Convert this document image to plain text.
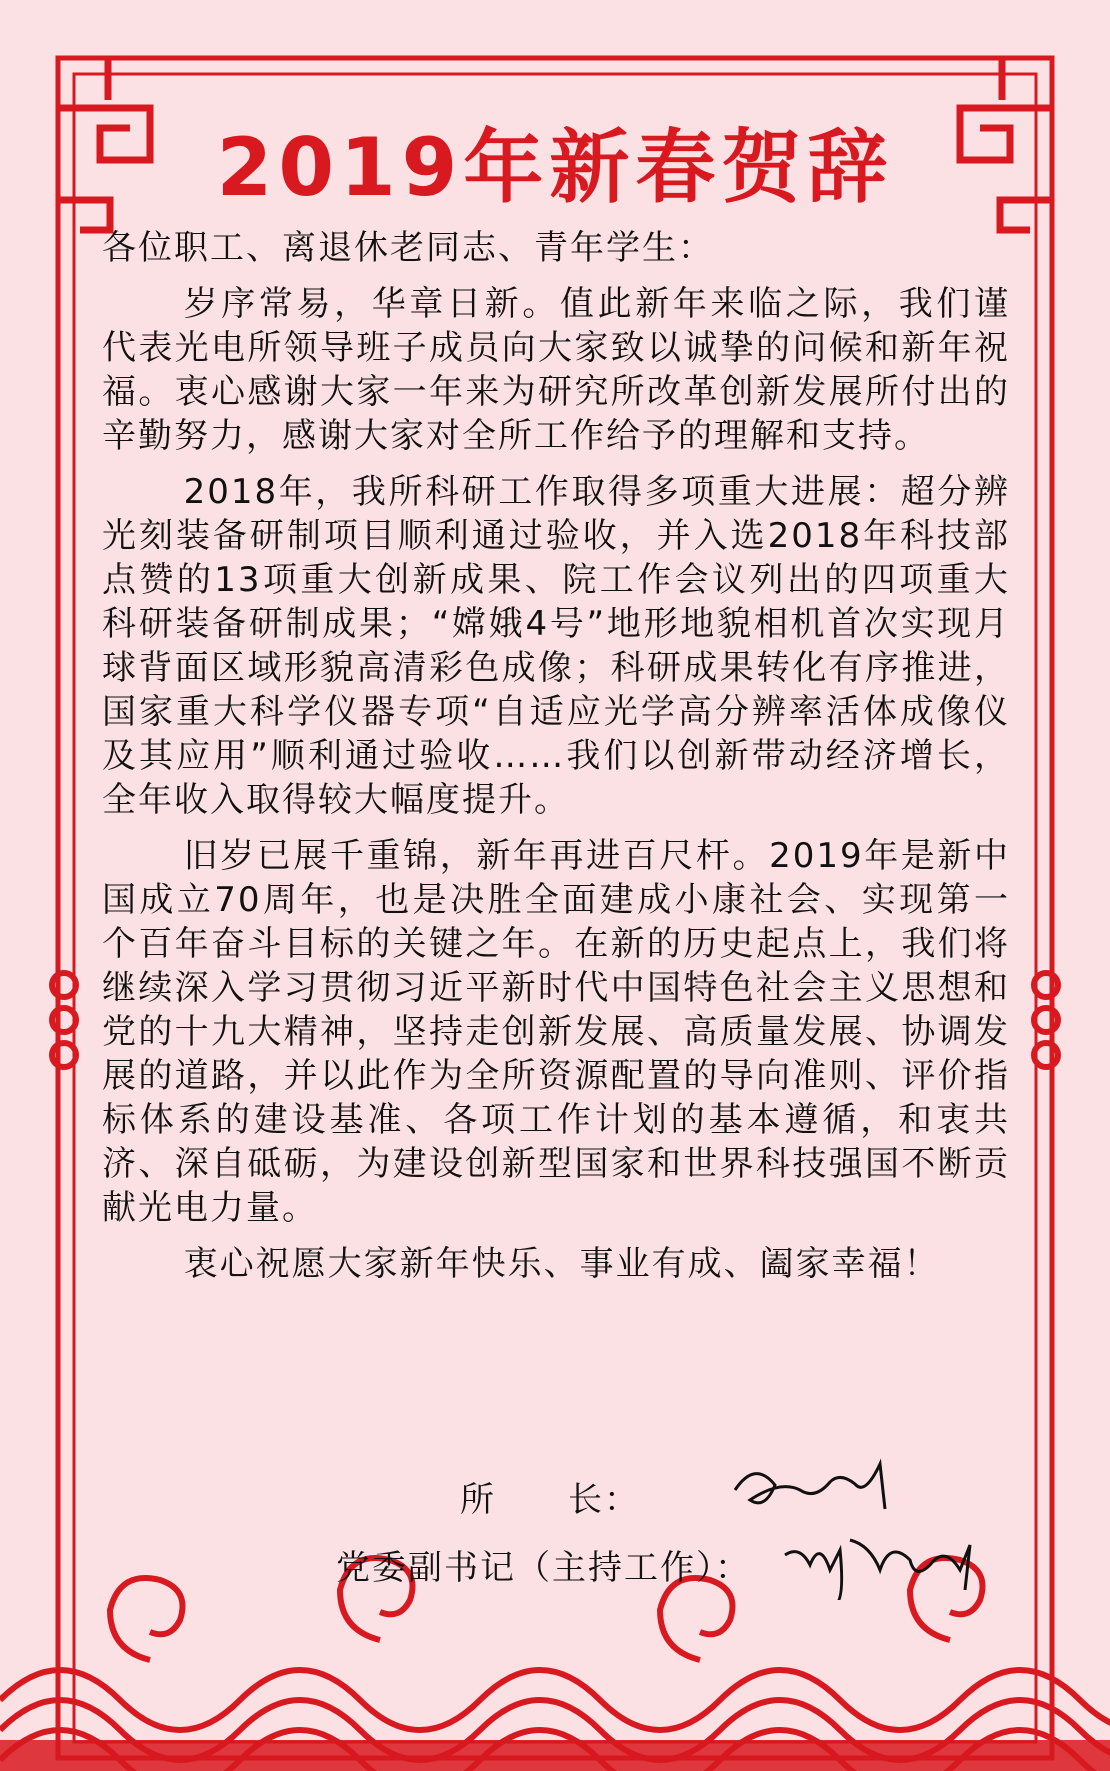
2019年新春贺辞

各位职工、离退休老同志、青年学生：

岁序常易，华章日新。值此新年来临之际，我们谨代表光电所领导班子成员向大家致以诚挚的问候和新年祝福。衷心感谢大家一年来为研究所改革创新发展所付出的辛勤努力，感谢大家对全所工作给予的理解和支持。

2018年，我所科研工作取得多项重大进展：超分辨光刻装备研制项目顺利通过验收，并入选2018年科技部点赞的13项重大创新成果、院工作会议列出的四项重大科研装备研制成果；“嫦娥4号”地形地貌相机首次实现月球背面区域形貌高清彩色成像；科研成果转化有序推进，国家重大科学仪器专项“自适应光学高分辨率活体成像仪及其应用”顺利通过验收……我们以创新带动经济增长，全年收入取得较大幅度提升。

旧岁已展千重锦，新年再进百尺杆。2019年是新中国成立70周年，也是决胜全面建成小康社会、实现第一个百年奋斗目标的关键之年。在新的历史起点上，我们将继续深入学习贯彻习近平新时代中国特色社会主义思想和党的十九大精神，坚持走创新发展、高质量发展、协调发展的道路，并以此作为全所资源配置的导向准则、评价指标体系的建设基准、各项工作计划的基本遵循，和衷共济、深自砥砺，为建设创新型国家和世界科技强国不断贡献光电力量。

衷心祝愿大家新年快乐、事业有成、阖家幸福！

所　　长：
党委副书记（主持工作）：
